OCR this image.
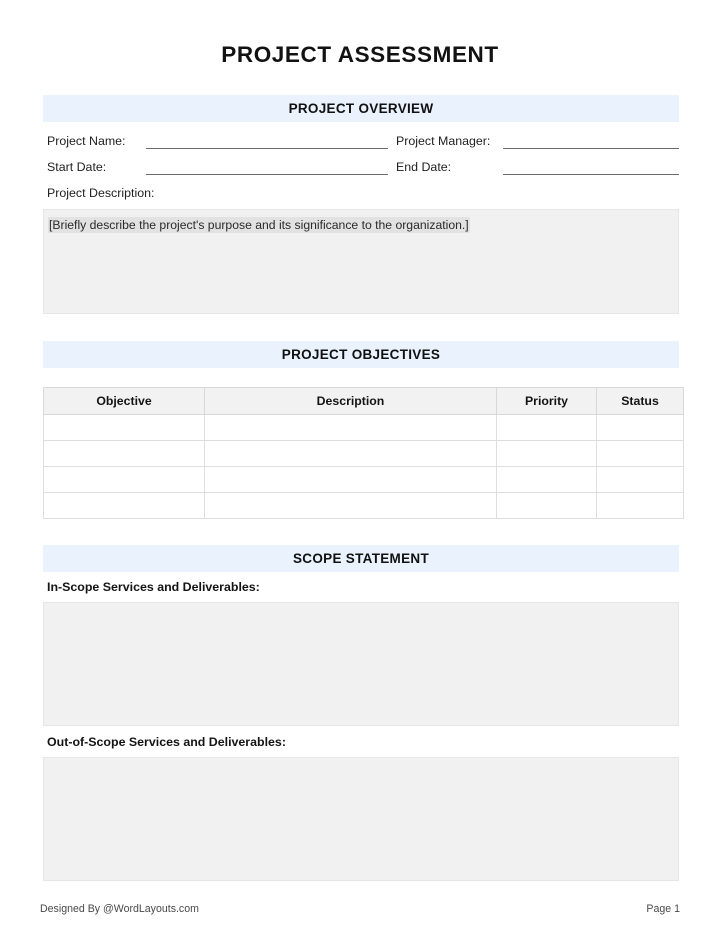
PROJECT ASSESSMENT
PROJECT OVERVIEW
Project Name:	Project Manager:
Start Date:	End Date:
Project Description:
[Briefly describe the project's purpose and its significance to the organization.]
PROJECT OBJECTIVES
Objective	Description	Priority	Status

SCOPE STATEMENT
In-Scope Services and Deliverables:
Out-of-Scope Services and Deliverables:
Designed By @WordLayouts.com	Page 1
